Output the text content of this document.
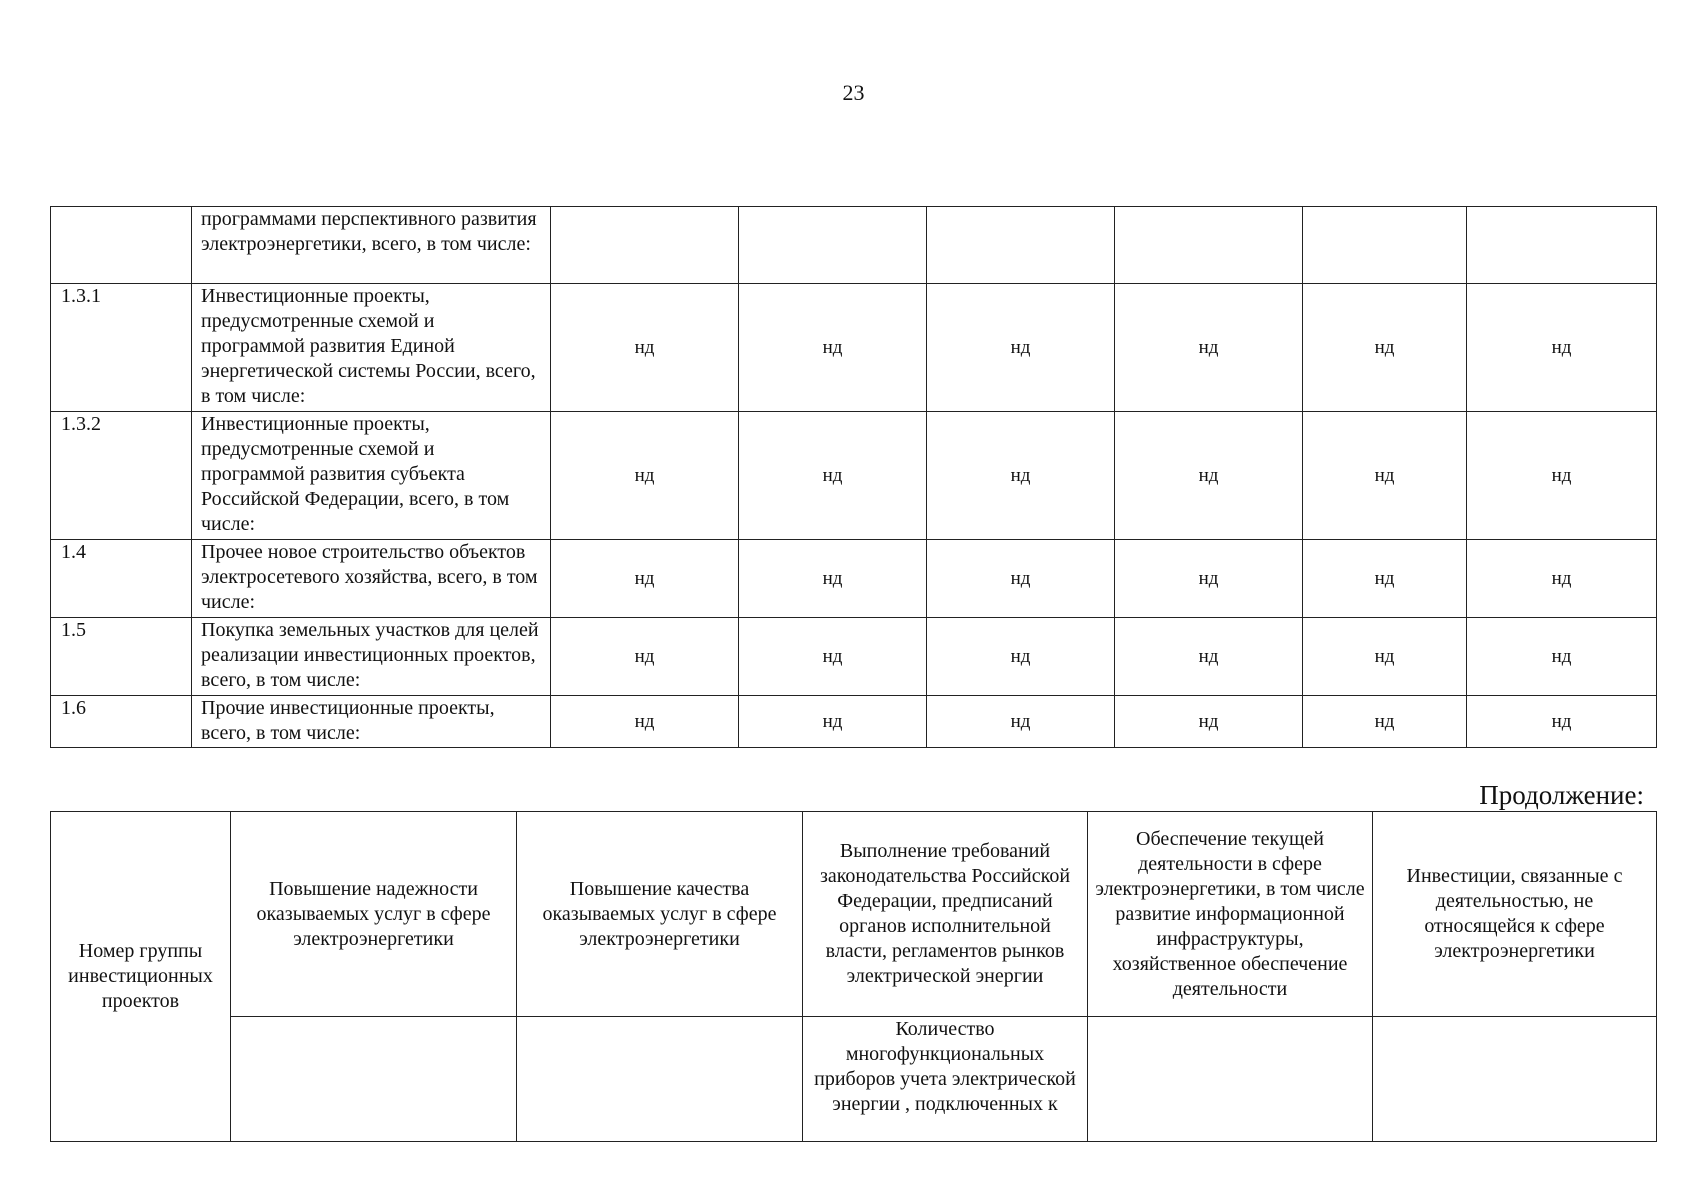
23
	программами перспективного развития электроэнергетики, всего, в том числе:						
1.3.1	Инвестиционные проекты, предусмотренные схемой и программой развития Единой энергетической системы России, всего, в том числе:	нд	нд	нд	нд	нд	нд
1.3.2	Инвестиционные проекты, предусмотренные схемой и программой развития субъекта Российской Федерации, всего, в том числе:	нд	нд	нд	нд	нд	нд
1.4	Прочее новое строительство объектов электросетевого хозяйства, всего, в том числе:	нд	нд	нд	нд	нд	нд
1.5	Покупка земельных участков для целей реализации инвестиционных проектов, всего, в том числе:	нд	нд	нд	нд	нд	нд
1.6	Прочие инвестиционные проекты, всего, в том числе:	нд	нд	нд	нд	нд	нд
Продолжение:
Номер группы инвестиционных проектов	Повышение надежности оказываемых услуг в сфере электроэнергетики	Повышение качества оказываемых услуг в сфере электроэнергетики	Выполнение требований законодательства Российской Федерации, предписаний органов исполнительной власти, регламентов рынков электрической энергии	Обеспечение текущей деятельности в сфере электроэнергетики, в том числе развитие информационной инфраструктуры, хозяйственное обеспечение деятельности	Инвестиции, связанные с деятельностью, не относящейся к сфере электроэнергетики
			Количество многофункциональных приборов учета электрической энергии , подключенных к		
